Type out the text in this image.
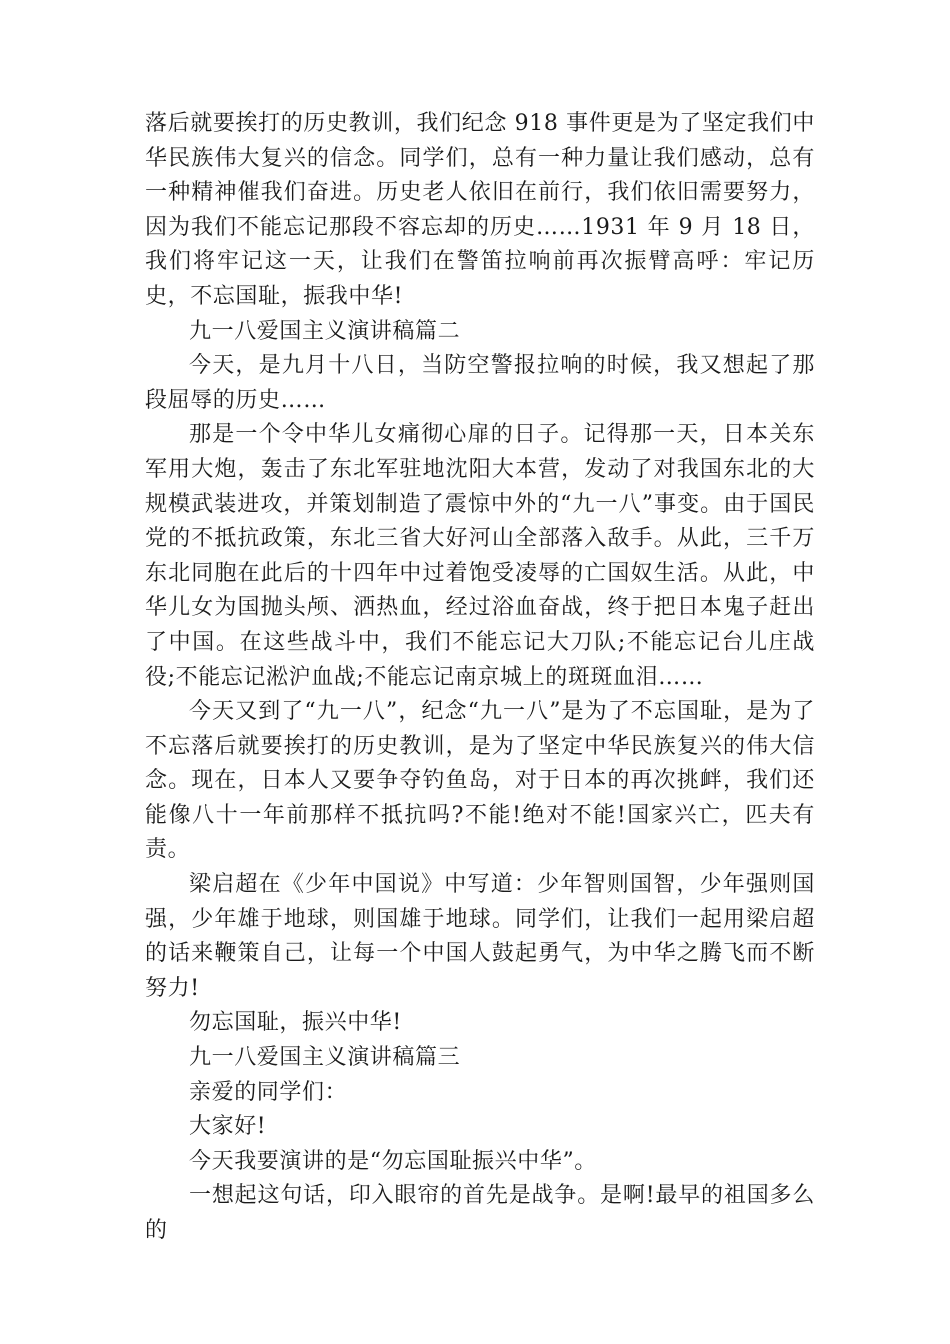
落后就要挨打的历史教训，我们纪念 918 事件更是为了坚定我们中华民族伟大复兴的信念。同学们，总有一种力量让我们感动，总有一种精神催我们奋进。历史老人依旧在前行，我们依旧需要努力，因为我们不能忘记那段不容忘却的历史……1931 年 9 月 18 日，我们将牢记这一天，让我们在警笛拉响前再次振臂高呼：牢记历史，不忘国耻，振我中华!

九一八爱国主义演讲稿篇二

今天，是九月十八日，当防空警报拉响的时候，我又想起了那段屈辱的历史……

那是一个令中华儿女痛彻心扉的日子。记得那一天，日本关东军用大炮，轰击了东北军驻地沈阳大本营，发动了对我国东北的大规模武装进攻，并策划制造了震惊中外的“九一八”事变。由于国民党的不抵抗政策，东北三省大好河山全部落入敌手。从此，三千万东北同胞在此后的十四年中过着饱受凌辱的亡国奴生活。从此，中华儿女为国抛头颅、洒热血，经过浴血奋战，终于把日本鬼子赶出了中国。在这些战斗中，我们不能忘记大刀队;不能忘记台儿庄战役;不能忘记淞沪血战;不能忘记南京城上的斑斑血泪……

今天又到了“九一八”，纪念“九一八”是为了不忘国耻，是为了不忘落后就要挨打的历史教训，是为了坚定中华民族复兴的伟大信念。现在，日本人又要争夺钓鱼岛，对于日本的再次挑衅，我们还能像八十一年前那样不抵抗吗?不能!绝对不能!国家兴亡，匹夫有责。

梁启超在《少年中国说》中写道：少年智则国智，少年强则国强，少年雄于地球，则国雄于地球。同学们，让我们一起用梁启超的话来鞭策自己，让每一个中国人鼓起勇气，为中华之腾飞而不断努力!

勿忘国耻，振兴中华!

九一八爱国主义演讲稿篇三

亲爱的同学们：

大家好!

今天我要演讲的是“勿忘国耻振兴中华”。

一想起这句话，印入眼帘的首先是战争。是啊!最早的祖国多么的
